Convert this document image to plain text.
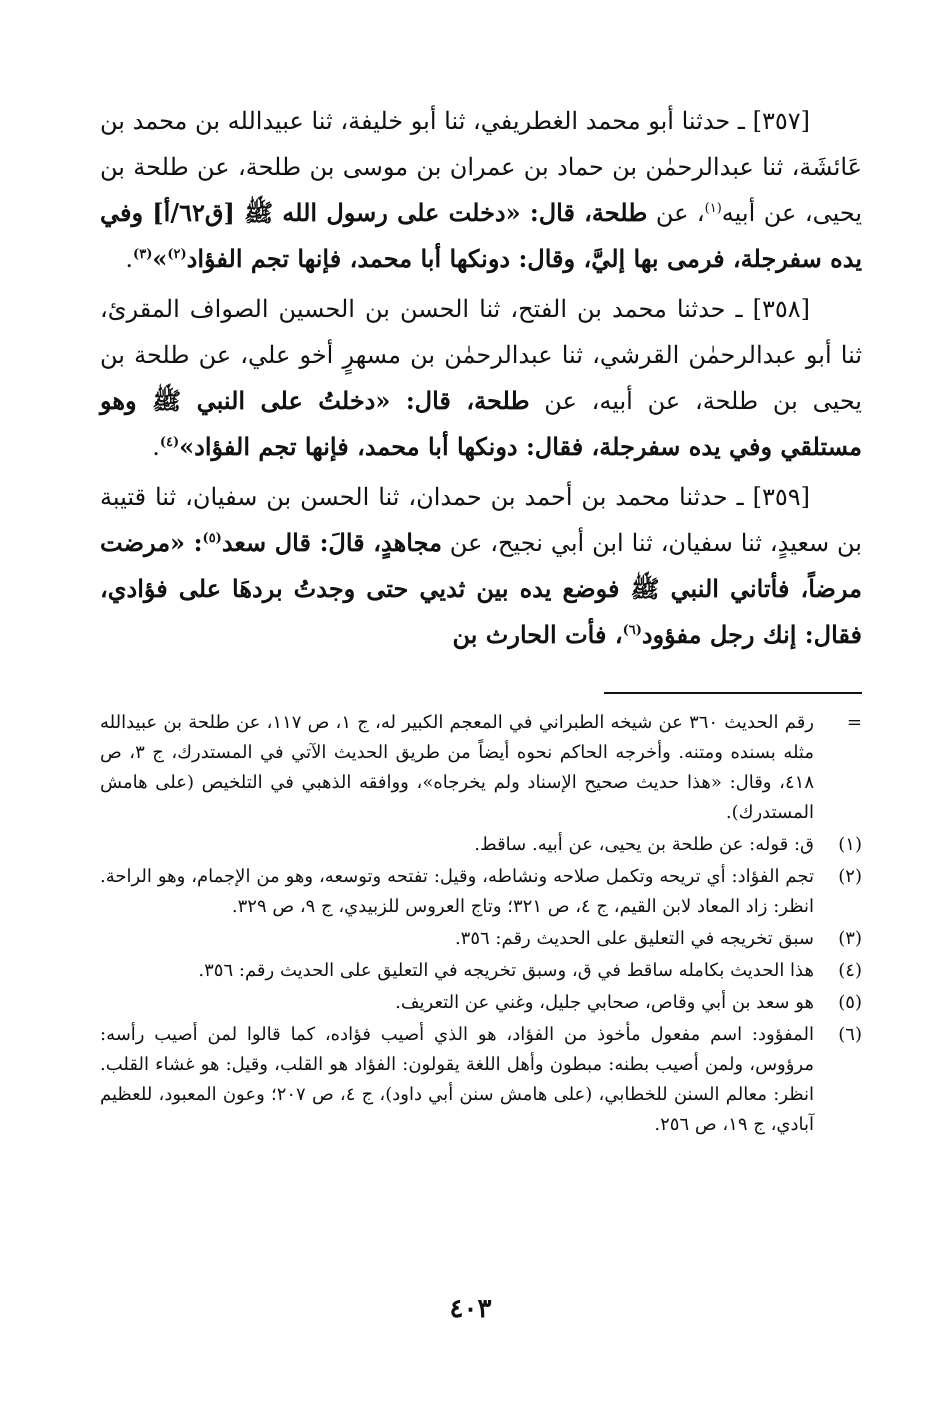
[٣٥٧] ـ حدثنا أبو محمد الغطريفي، ثنا أبو خليفة، ثنا عبيدالله بن محمد بن عَائشَة، ثنا عبدالرحمٰن بن حماد بن عمران بن موسى بن طلحة، عن طلحة بن يحيى، عن أبيه$^{(١)}$، عن طلحة، قال: «دخلت على رسول الله ﷺ [ق٦٢/أ] وفي يده سفرجلة، فرمى بها إليَّ، وقال: دونكها أبا محمد، فإنها تجم الفؤاد$^{(٢)}$»$^{(٣)}$.

[٣٥٨] ـ حدثنا محمد بن الفتح، ثنا الحسن بن الحسين الصواف المقرئ، ثنا أبو عبدالرحمٰن القرشي، ثنا عبدالرحمٰن بن مسهرٍ أخو علي، عن طلحة بن يحيى بن طلحة، عن أبيه، عن طلحة، قال: «دخلتُ على النبي ﷺ وهو مستلقي وفي يده سفرجلة، فقال: دونكها أبا محمد، فإنها تجم الفؤاد»$^{(٤)}$.

[٣٥٩] ـ حدثنا محمد بن أحمد بن حمدان، ثنا الحسن بن سفيان، ثنا قتيبة بن سعيدٍ، ثنا سفيان، ثنا ابن أبي نجيح، عن مجاهدٍ، قالَ: قال سعد$^{(٥)}$: «مرضت مرضاً، فأتاني النبي ﷺ فوضع يده بين ثديي حتى وجدتُ بردهَا على فؤادي، فقال: إنك رجل مفؤود$^{(٦)}$، فأت الحارث بن

=
رقم الحديث ٣٦٠ عن شيخه الطبراني في المعجم الكبير له، ج ١، ص ١١٧، عن طلحة بن عبيدالله مثله بسنده ومتنه. وأخرجه الحاكم نحوه أيضاً من طريق الحديث الآتي في المستدرك، ج ٣، ص ٤١٨، وقال: «هذا حديث صحيح الإسناد ولم يخرجاه»، ووافقه الذهبي في التلخيص (على هامش المستدرك).
(١)
ق: قوله: عن طلحة بن يحيى، عن أبيه. ساقط.
(٢)
تجم الفؤاد: أي تريحه وتكمل صلاحه ونشاطه، وقيل: تفتحه وتوسعه، وهو من الإجمام، وهو الراحة. انظر: زاد المعاد لابن القيم، ج ٤، ص ٣٢١؛ وتاج العروس للزبيدي، ج ٩، ص ٣٢٩.
(٣)
سبق تخريجه في التعليق على الحديث رقم: ٣٥٦.
(٤)
هذا الحديث بكامله ساقط في ق، وسبق تخريجه في التعليق على الحديث رقم: ٣٥٦.
(٥)
هو سعد بن أبي وقاص، صحابي جليل، وغني عن التعريف.
(٦)
المفؤود: اسم مفعول مأخوذ من الفؤاد، هو الذي أصيب فؤاده، كما قالوا لمن أصيب رأسه: مرؤوس، ولمن أصيب بطنه: مبطون وأهل اللغة يقولون: الفؤاد هو القلب، وقيل: هو غشاء القلب. انظر: معالم السنن للخطابي، (على هامش سنن أبي داود)، ج ٤، ص ٢٠٧؛ وعون المعبود، للعظيم آبادي، ج ١٩، ص ٢٥٦.
٤٠٣
